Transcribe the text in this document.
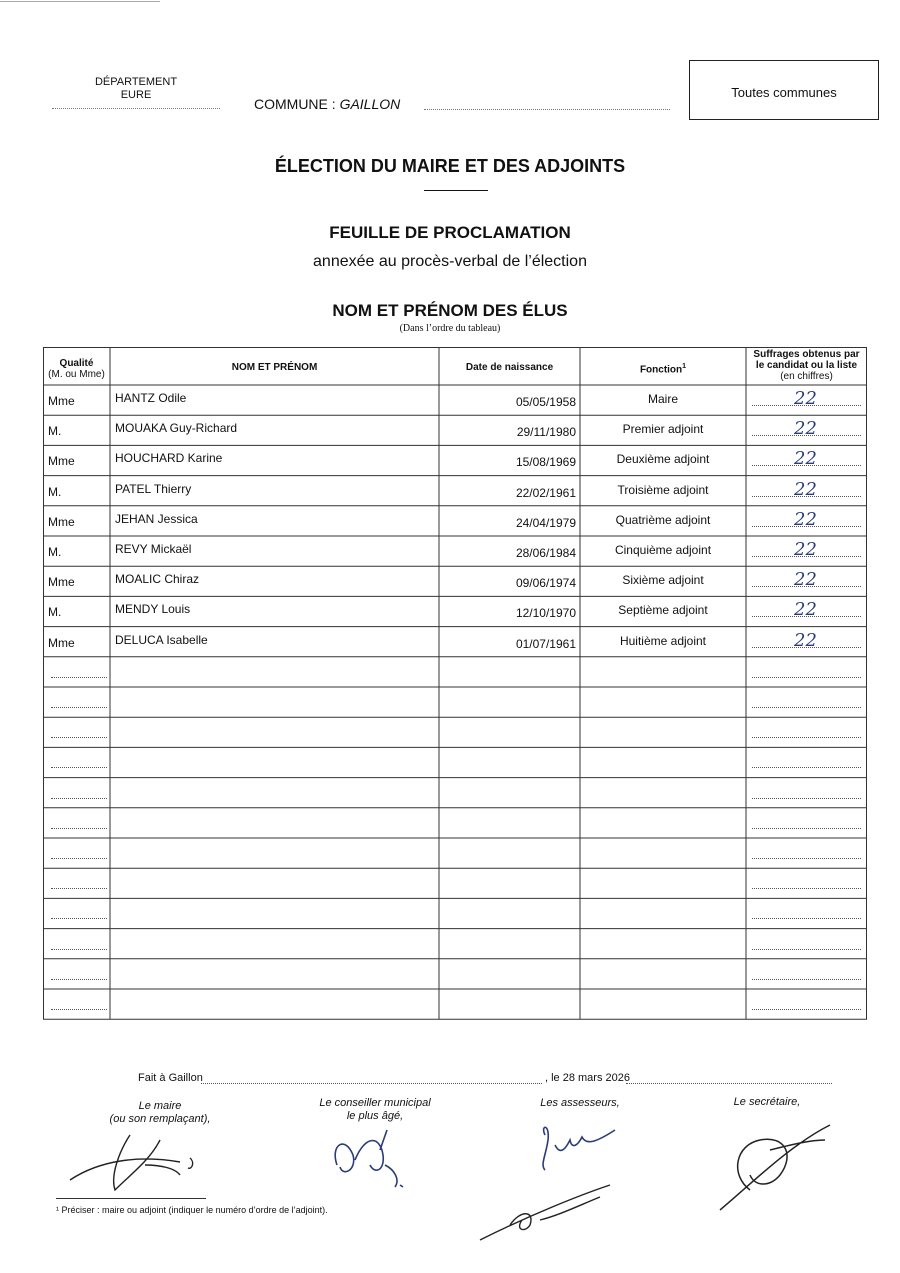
DÉPARTEMENT
EURE
COMMUNE : GAILLON
Toutes communes
ÉLECTION DU MAIRE ET DES ADJOINTS
FEUILLE DE PROCLAMATION
annexée au procès-verbal de l’élection
NOM ET PRÉNOM DES ÉLUS
(Dans l’ordre du tableau)
Qualité
(M. ou Mme)
NOM ET PRÉNOM	Date de naissance	Fonction$^1$
Suffrages obtenus par
le candidat ou la liste
(en chiffres)
Mme	HANTZ Odile	05/05/1958	Maire	22
M.	MOUAKA Guy-Richard	29/11/1980	Premier adjoint	22
Mme	HOUCHARD Karine	15/08/1969	Deuxième adjoint	22
M.	PATEL Thierry	22/02/1961	Troisième adjoint	22
Mme	JEHAN Jessica	24/04/1979	Quatrième adjoint	22
M.	REVY Mickaël	28/06/1984	Cinquième adjoint	22
Mme	MOALIC Chiraz	09/06/1974	Sixième adjoint	22
M.	MENDY Louis	12/10/1970	Septième adjoint	22
Mme	DELUCA Isabelle	01/07/1961	Huitième adjoint	22
Fait à Gaillon	, le 28 mars 2026
Le maire
(ou son remplaçant),
Le conseiller municipal
le plus âgé,
Les assesseurs,	Le secrétaire,
¹ Préciser : maire ou adjoint (indiquer le numéro d’ordre de l’adjoint).
